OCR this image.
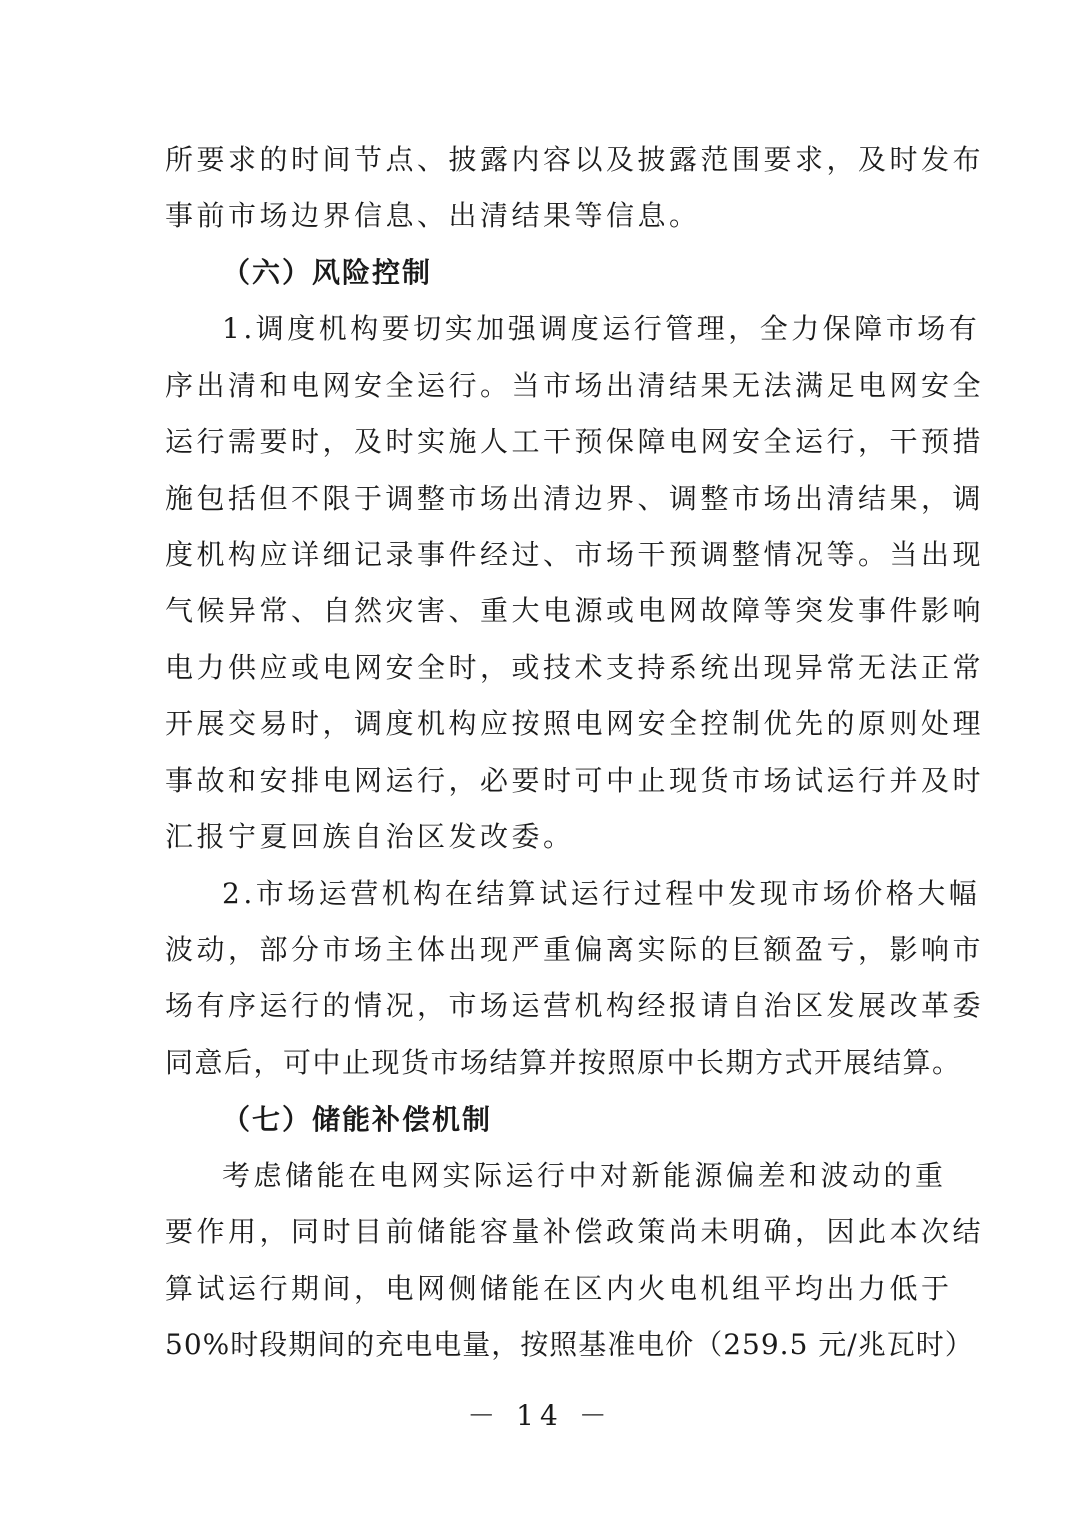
所要求的时间节点、披露内容以及披露范围要求，及时发布
事前市场边界信息、出清结果等信息。
（六）风险控制
1.调度机构要切实加强调度运行管理，全力保障市场有
序出清和电网安全运行。当市场出清结果无法满足电网安全
运行需要时，及时实施人工干预保障电网安全运行，干预措
施包括但不限于调整市场出清边界、调整市场出清结果，调
度机构应详细记录事件经过、市场干预调整情况等。当出现
气候异常、自然灾害、重大电源或电网故障等突发事件影响
电力供应或电网安全时，或技术支持系统出现异常无法正常
开展交易时，调度机构应按照电网安全控制优先的原则处理
事故和安排电网运行，必要时可中止现货市场试运行并及时
汇报宁夏回族自治区发改委。
2.市场运营机构在结算试运行过程中发现市场价格大幅
波动，部分市场主体出现严重偏离实际的巨额盈亏，影响市
场有序运行的情况，市场运营机构经报请自治区发展改革委
同意后，可中止现货市场结算并按照原中长期方式开展结算。
（七）储能补偿机制
考虑储能在电网实际运行中对新能源偏差和波动的重
要作用，同时目前储能容量补偿政策尚未明确，因此本次结
算试运行期间，电网侧储能在区内火电机组平均出力低于
50%时段期间的充电电量，按照基准电价（259.5 元/兆瓦时）
－ 14 －
